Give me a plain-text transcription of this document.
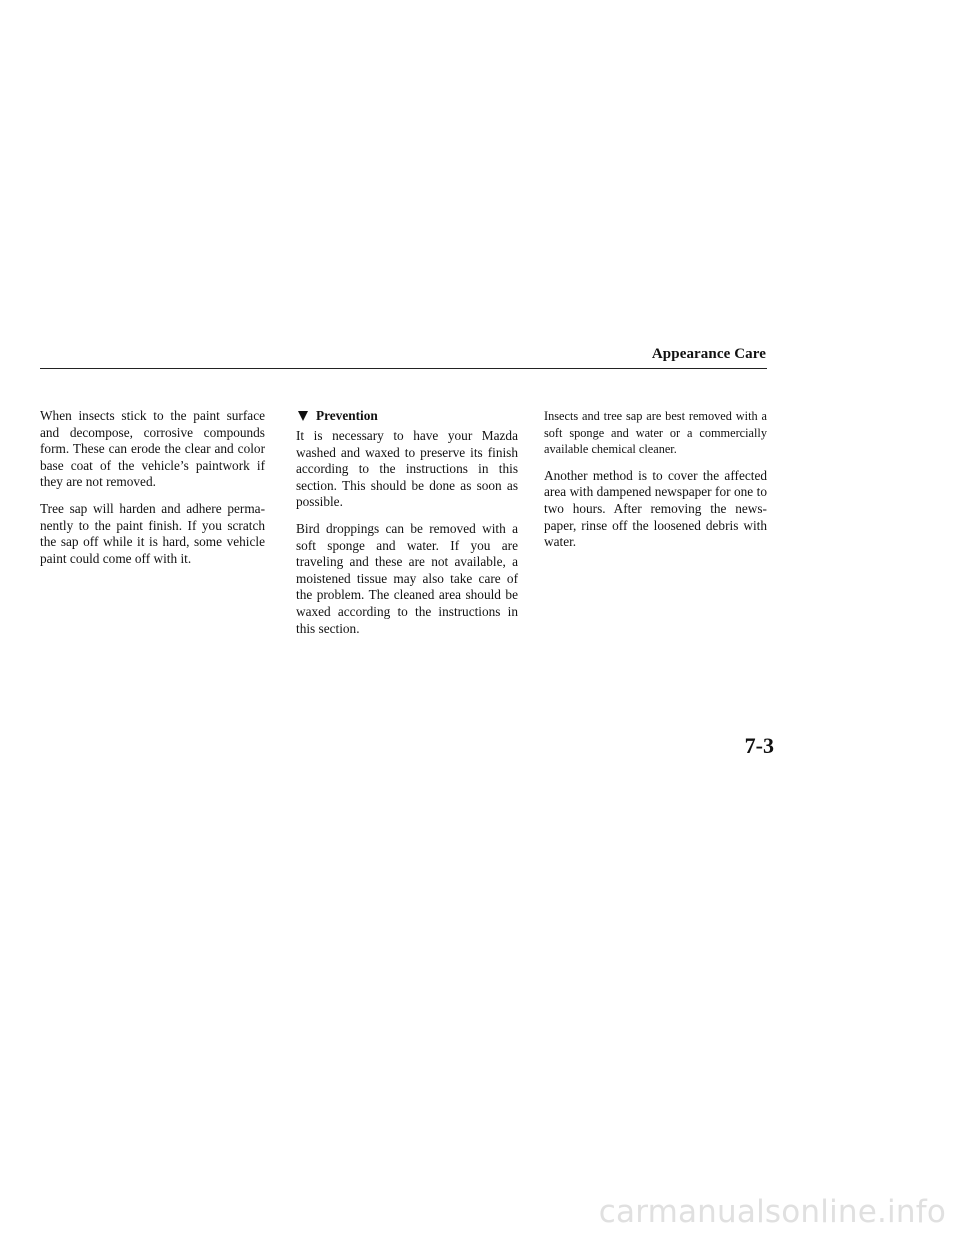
Appearance Care

When insects stick to the paint surface and decompose, corrosive compounds form. These can erode the clear and color base coat of the vehicle’s paintwork if they are not removed.

Tree sap will harden and adhere perma-nently to the paint finish. If you scratch the sap off while it is hard, some vehicle paint could come off with it.

Prevention

It is necessary to have your Mazda washed and waxed to preserve its finish according to the instructions in this section. This should be done as soon as possible.

Bird droppings can be removed with a soft sponge and water. If you are traveling and these are not available, a moistened tissue may also take care of the problem. The cleaned area should be waxed according to the instructions in this section.

Insects and tree sap are best removed with a soft sponge and water or a commercially available chemical cleaner.

Another method is to cover the affected area with dampened newspaper for one to two hours. After removing the news-paper, rinse off the loosened debris with water.

7-3
carmanualsonline.info
